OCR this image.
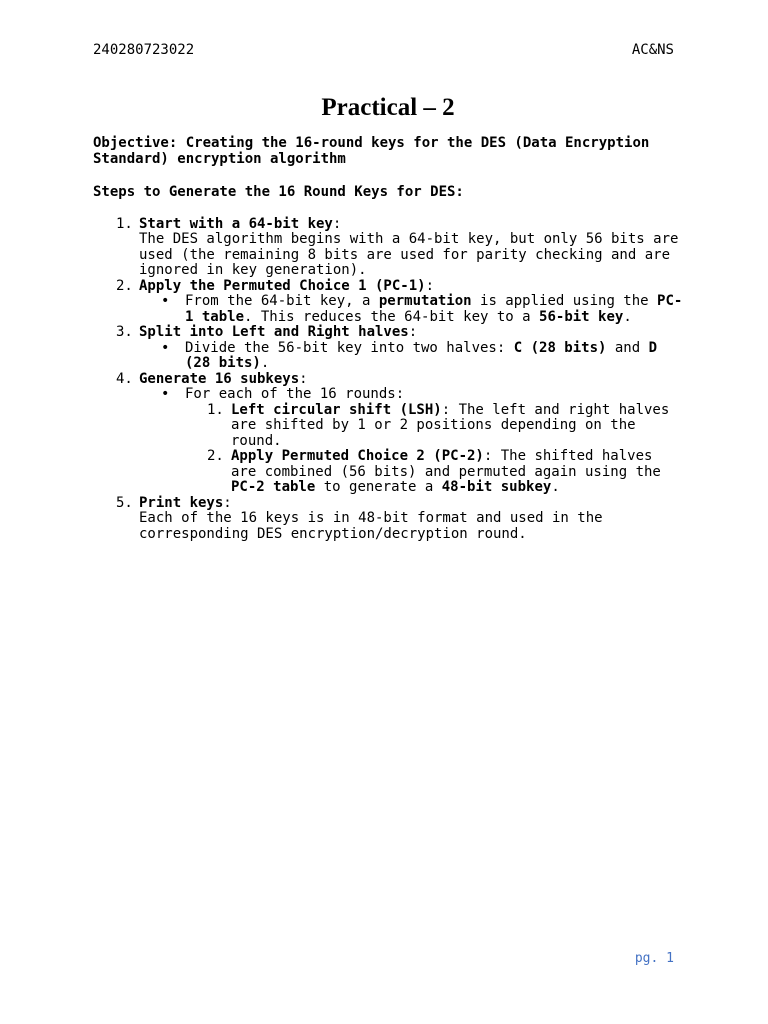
240280723022	AC&NS
Practical – 2

Objective: Creating the 16-round keys for the DES (Data Encryption Standard) encryption algorithm

Steps to Generate the 16 Round Keys for DES:

1. Start with a 64-bit key:
The DES algorithm begins with a 64-bit key, but only 56 bits are used (the remaining 8 bits are used for parity checking and are ignored in key generation).
2. Apply the Permuted Choice 1 (PC-1):
• From the 64-bit key, a permutation is applied using the PC-1 table. This reduces the 64-bit key to a 56-bit key.
3. Split into Left and Right halves:
• Divide the 56-bit key into two halves: C (28 bits) and D (28 bits).
4. Generate 16 subkeys:
• For each of the 16 rounds:
1. Left circular shift (LSH): The left and right halves are shifted by 1 or 2 positions depending on the round.
2. Apply Permuted Choice 2 (PC-2): The shifted halves are combined (56 bits) and permuted again using the PC-2 table to generate a 48-bit subkey.
5. Print keys:
Each of the 16 keys is in 48-bit format and used in the corresponding DES encryption/decryption round.
pg. 1
